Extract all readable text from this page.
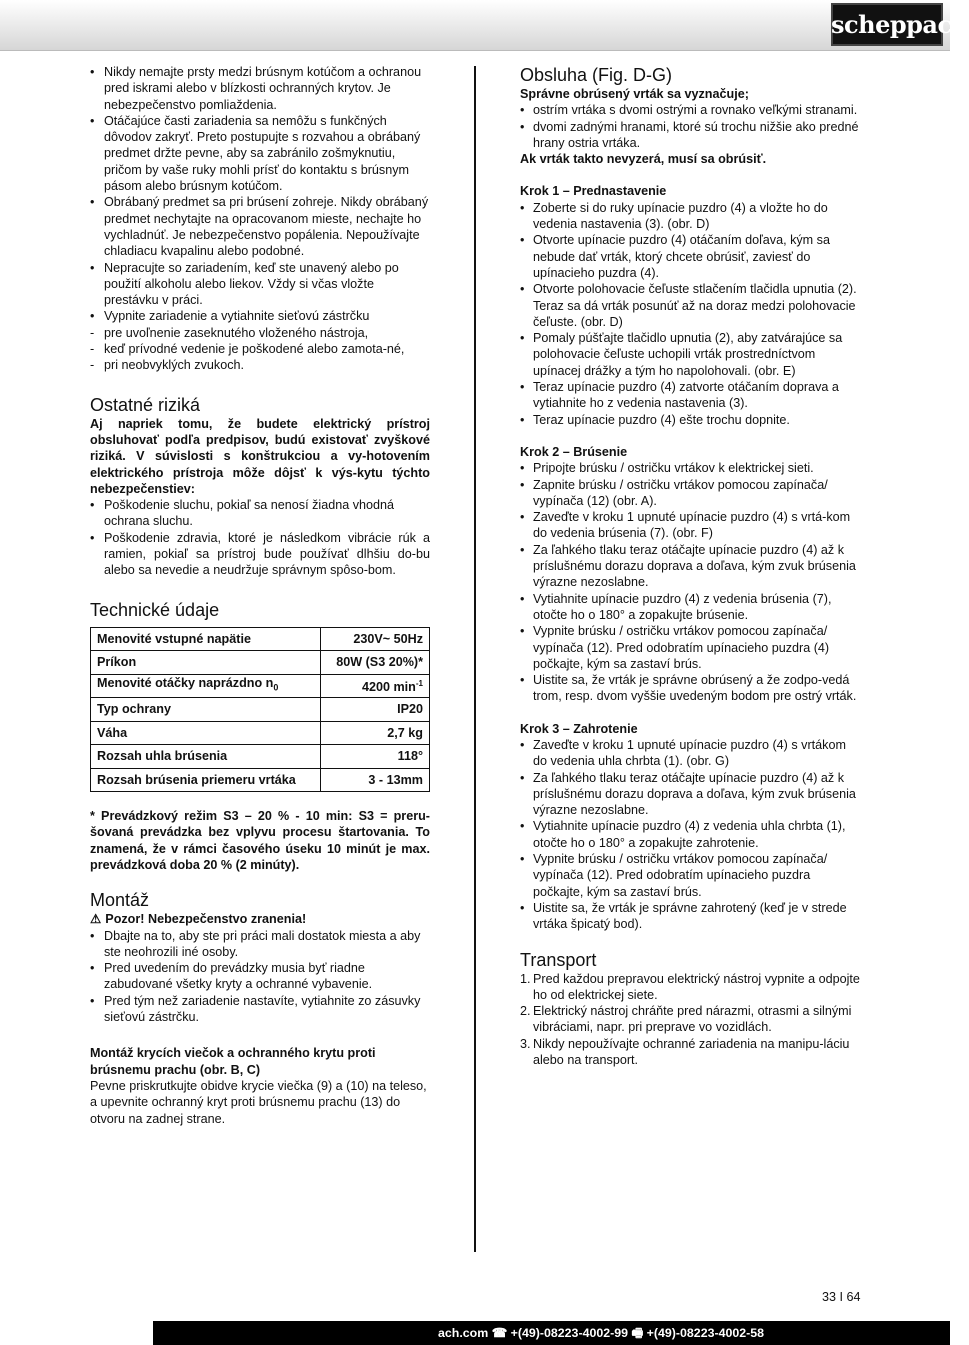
scheppach
• Nikdy nemajte prsty medzi brúsnym kotúčom a ochranou pred iskrami alebo v blízkosti ochranných krytov. Je nebezpečenstvo pomliaždenia.
• Otáčajúce časti zariadenia sa nemôžu s funkčných dôvodov zakryť. Preto postupujte s rozvahou a obrábaný predmet držte pevne, aby sa zabránilo zošmyknutiu, pričom by vaše ruky mohli prísť do kontaktu s brúsnym pásom alebo brúsnym kotúčom.
• Obrábaný predmet sa pri brúsení zohreje. Nikdy obrábaný predmet nechytajte na opracovanom mieste, nechajte ho vychladnúť. Je nebezpečenstvo popálenia. Nepoužívajte chladiacu kvapalinu alebo podobné.
• Nepracujte so zariadením, keď ste unavený alebo po použití alkoholu alebo liekov. Vždy si včas vložte prestávku v práci.
• Vypnite zariadenie a vytiahnite sieťovú zástrčku
- pre uvoľnenie zaseknutého vloženého nástroja,
- keď prívodné vedenie je poškodené alebo zamota-né,
- pri neobvyklých zvukoch.
Ostatné riziká

Aj napriek tomu, že budete elektrický prístroj obsluhovať podľa predpisov, budú existovať zvyškové riziká. V súvislosti s konštrukciou a vy-hotovením elektrického prístroja môže dôjsť k výs-kytu týchto nebezpečenstiev:

• Poškodenie sluchu, pokiaľ sa nenosí žiadna vhodná ochrana sluchu.
• Poškodenie zdravia, ktoré je následkom vibrácie rúk a ramien, pokiaľ sa prístroj bude používať dlhšiu do-bu alebo sa nevedie a neudržuje správnym spôso-bom.
Technické údaje
Menovité vstupné napätie	230V~ 50Hz
Príkon	80W (S3 20%)*
Menovité otáčky naprázdno $n_0$	4200 $\min^{-1}$
Typ ochrany	IP20
Váha	2,7 kg
Rozsah uhla brúsenia	118°
Rozsah brúsenia priemeru vrtáka	3 - 13mm

* Prevádzkový režim S3 – 20 % - 10 min: S3 = preru-šovaná prevádzka bez vplyvu procesu štartovania. To znamená, že v rámci časového úseku 10 minút je max. prevádzková doba 20 % (2 minúty).

Montáž

⚠ Pozor! Nebezpečenstvo zranenia!

• Dbajte na to, aby ste pri práci mali dostatok miesta a aby ste neohrozili iné osoby.
• Pred uvedením do prevádzky musia byť riadne zabudované všetky kryty a ochranné vybavenie.
• Pred tým než zariadenie nastavíte, vytiahnite zo zásuvky sieťovú zástrčku.

Montáž krycích viečok a ochranného krytu proti brúsnemu prachu (obr. B, C)

Pevne priskrutkujte obidve krycie viečka (9) a (10) na teleso, a upevnite ochranný kryt proti brúsnemu prachu (13) do otvoru na zadnej strane.

Obsluha (Fig. D-G)

Správne obrúsený vrták sa vyznačuje;

• ostrím vrtáka s dvomi ostrými a rovnako veľkými stranami.
• dvomi zadnými hranami, ktoré sú trochu nižšie ako predné hrany ostria vrtáka.

Ak vrták takto nevyzerá, musí sa obrúsiť.

Krok 1 – Prednastavenie

• Zoberte si do ruky upínacie puzdro (4) a vložte ho do vedenia nastavenia (3). (obr. D)
• Otvorte upínacie puzdro (4) otáčaním doľava, kým sa nebude dať vrták, ktorý chcete obrúsiť, zaviesť do upínacieho puzdra (4).
• Otvorte polohovacie čeľuste stlačením tlačidla upnutia (2). Teraz sa dá vrták posunúť až na doraz medzi polohovacie čeľuste. (obr. D)
• Pomaly púšťajte tlačidlo upnutia (2), aby zatvárajúce sa polohovacie čeľuste uchopili vrták prostredníctvom upínacej drážky a tým ho napolohovali. (obr. E)
• Teraz upínacie puzdro (4) zatvorte otáčaním doprava a vytiahnite ho z vedenia nastavenia (3).
• Teraz upínacie puzdro (4) ešte trochu dopnite.

Krok 2 – Brúsenie

• Pripojte brúsku / ostričku vrtákov k elektrickej sieti.
• Zapnite brúsku / ostričku vrtákov pomocou zapínača/ vypínača (12) (obr. A).
• Zaveďte v kroku 1 upnuté upínacie puzdro (4) s vrtá-kom do vedenia brúsenia (7). (obr. F)
• Za ľahkého tlaku teraz otáčajte upínacie puzdro (4) až k príslušnému dorazu doprava a doľava, kým zvuk brúsenia výrazne nezoslabne.
• Vytiahnite upínacie puzdro (4) z vedenia brúsenia (7), otočte ho o 180° a zopakujte brúsenie.
• Vypnite brúsku / ostričku vrtákov pomocou zapínača/ vypínača (12). Pred odobratím upínacieho puzdra (4) počkajte, kým sa zastaví brús.
• Uistite sa, že vrták je správne obrúsený a že zodpo-vedá trom, resp. dvom vyššie uvedeným bodom pre ostrý vrták.

Krok 3 – Zahrotenie

• Zaveďte v kroku 1 upnuté upínacie puzdro (4) s vrtákom do vedenia uhla chrbta (1). (obr. G)
• Za ľahkého tlaku teraz otáčajte upínacie puzdro (4) až k príslušnému dorazu doprava a doľava, kým zvuk brúsenia výrazne nezoslabne.
• Vytiahnite upínacie puzdro (4) z vedenia uhla chrbta (1), otočte ho o 180° a zopakujte zahrotenie.
• Vypnite brúsku / ostričku vrtákov pomocou zapínača/ vypínača (12). Pred odobratím upínacieho puzdra počkajte, kým sa zastaví brús.
• Uistite sa, že vrták je správne zahrotený (keď je v strede vrtáka špicatý bod).
Transport
1. Pred každou prepravou elektrický nástroj vypnite a odpojte ho od elektrickej siete.
2. Elektrický nástroj chráňte pred nárazmi, otrasmi a silnými vibráciami, napr. pri preprave vo vozidlách.
3. Nikdy nepoužívajte ochranné zariadenia na manipu-láciu alebo na transport.
33 I 64
ach.com ☎ +(49)-08223-4002-99 🖷 +(49)-08223-4002-58
